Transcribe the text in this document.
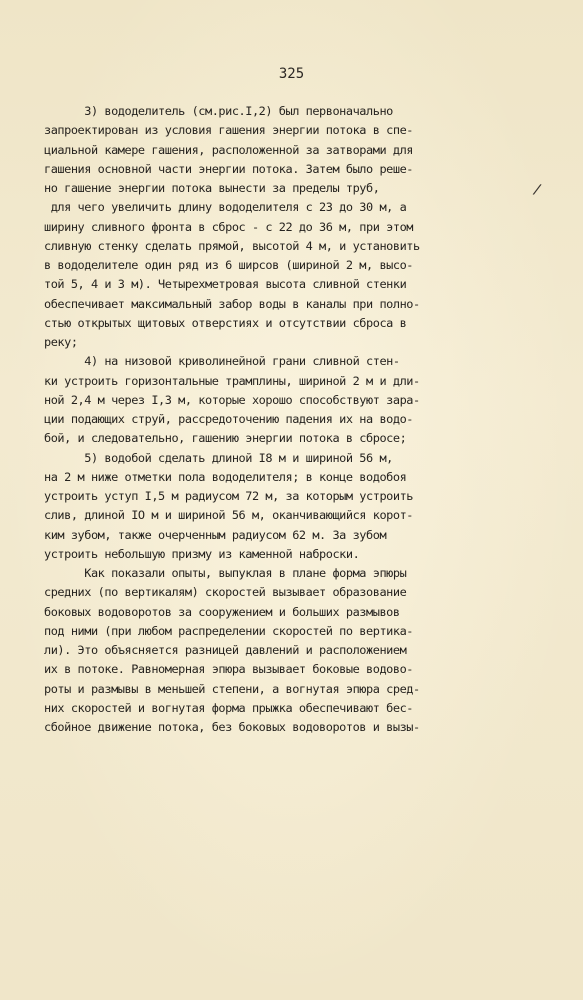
325
/
3) вододелитель (см.рис.I,2) был первоначально
запроектирован из условия гашения энергии потока в спе-
циальной камере гашения, расположенной за затворами для
гашения основной части энергии потока. Затем было реше-
но гашение энергии потока вынести за пределы труб,
для чего увеличить длину вододелителя с 23 до 30 м, а
ширину сливного фронта в сброс - с 22 до 36 м, при этом
сливную стенку сделать прямой, высотой 4 м, и установить
в вододелителе один ряд из 6 ширсов (шириной 2 м, высо-
той 5, 4 и 3 м). Четырехметровая высота сливной стенки
обеспечивает максимальный забор воды в каналы при полно-
стью открытых щитовых отверстиях и отсутствии сброса в
реку;
4) на низовой криволинейной грани сливной стен-
ки устроить горизонтальные трамплины, шириной 2 м и дли-
ной 2,4 м через I,3 м, которые хорошо способствуют зара-
ции подающих струй, рассредоточению падения их на водо-
бой, и следовательно, гашению энергии потока в сбросе;
5) водобой сделать длиной I8 м и шириной 56 м,
на 2 м ниже отметки пола вододелителя; в конце водобоя
устроить уступ I,5 м радиусом 72 м, за которым устроить
слив, длиной IO м и шириной 56 м, оканчивающийся корот-
ким зубом, также очерченным радиусом 62 м. За зубом
устроить небольшую призму из каменной наброски.
Как показали опыты, выпуклая в плане форма эпюры
средних (по вертикалям) скоростей вызывает образование
боковых водоворотов за сооружением и больших размывов
под ними (при любом распределении скоростей по вертика-
ли). Это объясняется разницей давлений и расположением
их в потоке. Равномерная эпюра вызывает боковые водово-
роты и размывы в меньшей степени, а вогнутая эпюра сред-
них скоростей и вогнутая форма прыжка обеспечивают бес-
сбойное движение потока, без боковых водоворотов и вызы-
